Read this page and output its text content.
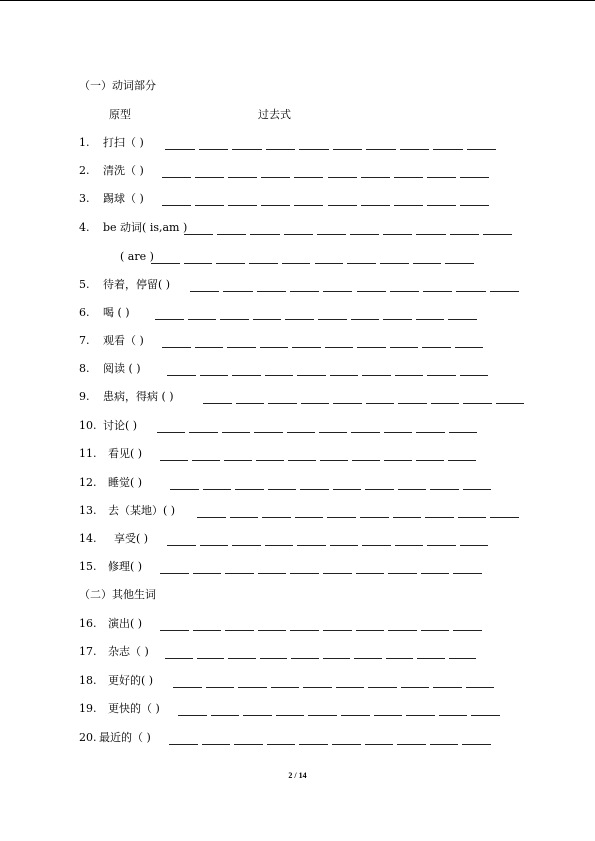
（一）动词部分
原型	过去式
1. 打扫（ )
2. 清洗（ )
3. 踢球（ )
4. be 动词( is,am )
( are )
5. 待着，停留( )
6. 喝 ( )
7. 观看（ )
8. 阅读 ( )
9. 患病，得病 ( )
10. 讨论( )
11. 看见( )
12. 睡觉( )
13. 去（某地）( )
14. 享受( )
15. 修理( )
（二）其他生词
16. 演出( )
17. 杂志（ )
18. 更好的( )
19. 更快的（ )
20. 最近的（ )
2 / 14
